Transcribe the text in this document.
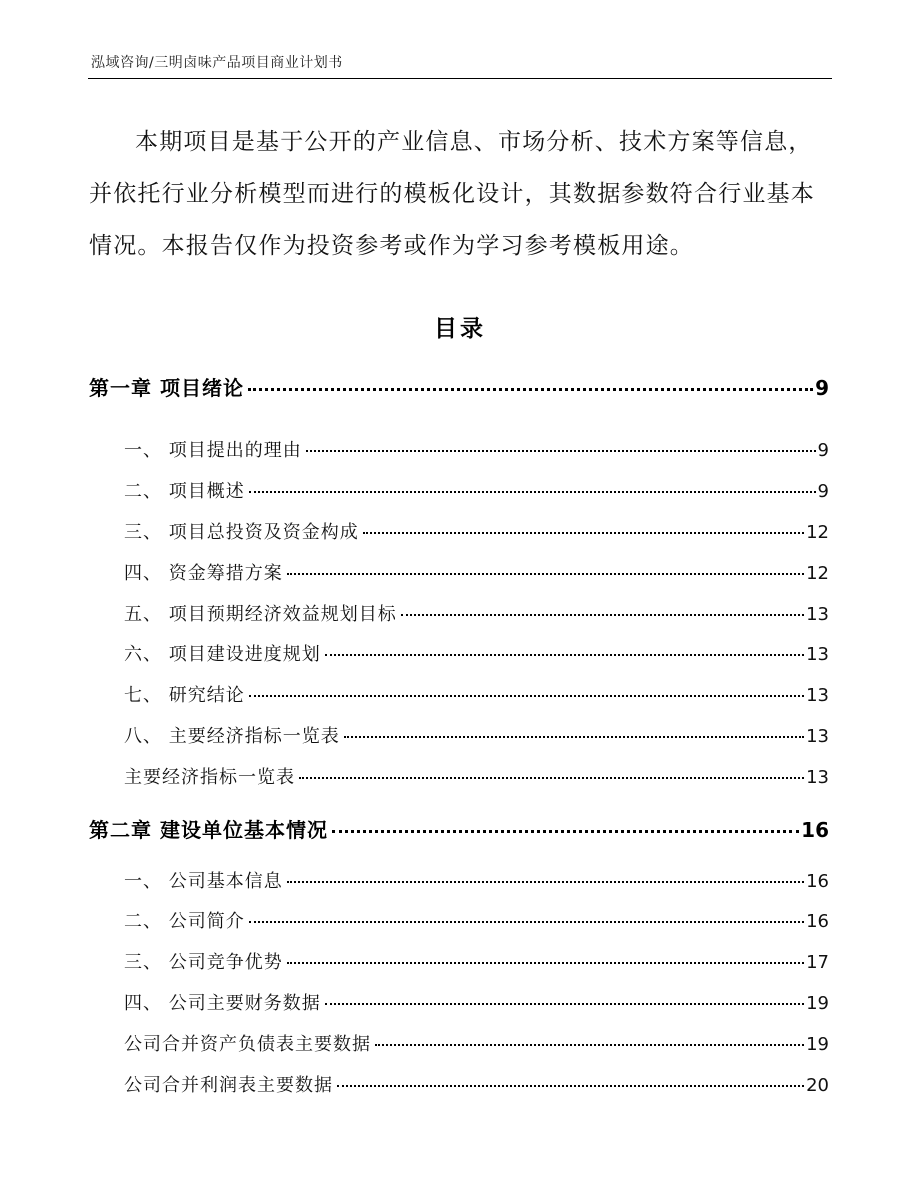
泓域咨询/三明卤味产品项目商业计划书

本期项目是基于公开的产业信息、市场分析、技术方案等信息，并依托行业分析模型而进行的模板化设计，其数据参数符合行业基本情况。本报告仅作为投资参考或作为学习参考模板用途。

目录
第一章 项目绪论	9
一、 项目提出的理由	9
二、 项目概述	9
三、 项目总投资及资金构成	12
四、 资金筹措方案	12
五、 项目预期经济效益规划目标	13
六、 项目建设进度规划	13
七、 研究结论	13
八、 主要经济指标一览表	13
主要经济指标一览表	13
第二章 建设单位基本情况	16
一、 公司基本信息	16
二、 公司简介	16
三、 公司竞争优势	17
四、 公司主要财务数据	19
公司合并资产负债表主要数据	19
公司合并利润表主要数据	20
